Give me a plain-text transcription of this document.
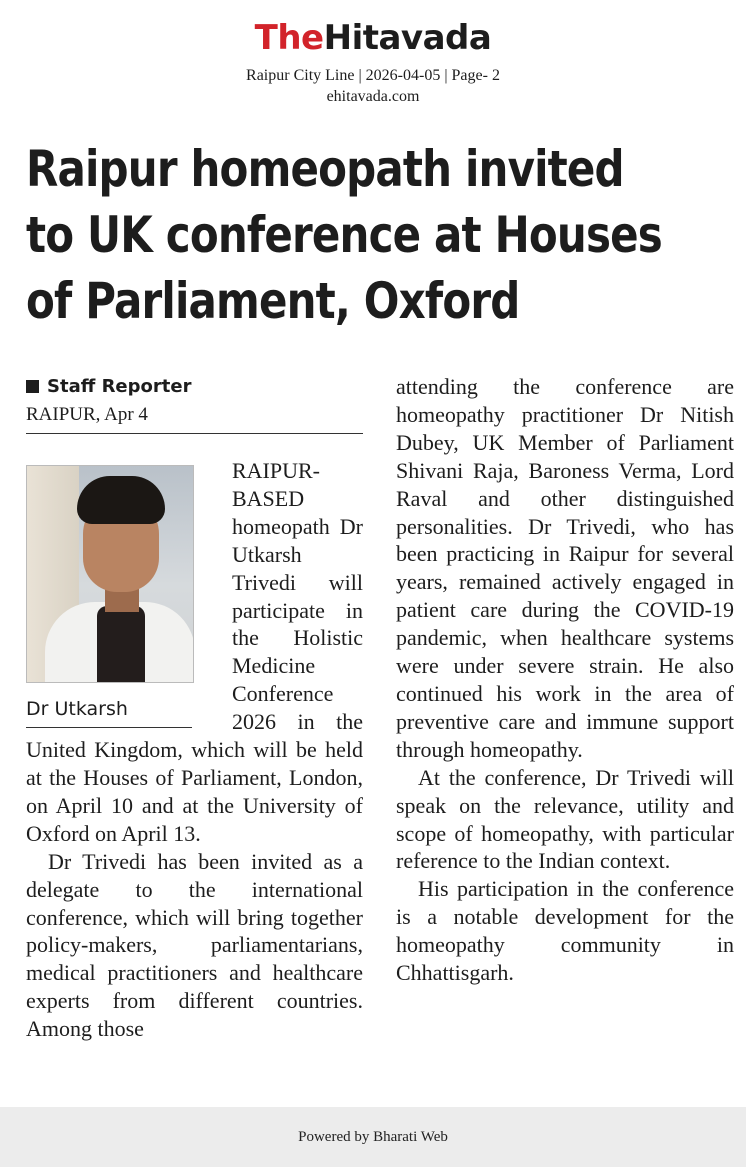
TheHitavada
Raipur City Line | 2026-04-05 | Page- 2
ehitavada.com
Raipur homeopath invited
to UK conference at Houses
of Parliament, Oxford
Staff Reporter
RAIPUR, Apr 4
Dr Utkarsh

RAIPUR-BASED homeopath Dr Utkarsh Trivedi will participate in the Holistic Medicine Conference 2026 in the United Kingdom, which will be held at the Houses of Parliament, London, on April 10 and at the University of Oxford on April 13.

Dr Trivedi has been invited as a delegate to the international conference, which will bring together policy-makers, parliamentarians, medical practitioners and healthcare experts from different countries. Among those

attending the conference are homeopathy practitioner Dr Nitish Dubey, UK Member of Parliament Shivani Raja, Baroness Verma, Lord Raval and other distinguished personalities. Dr Trivedi, who has been practicing in Raipur for several years, remained actively engaged in patient care during the COVID-19 pandemic, when healthcare systems were under severe strain. He also continued his work in the area of preventive care and immune support through homeopathy.

At the conference, Dr Trivedi will speak on the relevance, utility and scope of homeopathy, with particular reference to the Indian context.

His participation in the conference is a notable development for the homeopathy community in Chhattisgarh.

Powered by Bharati Web
